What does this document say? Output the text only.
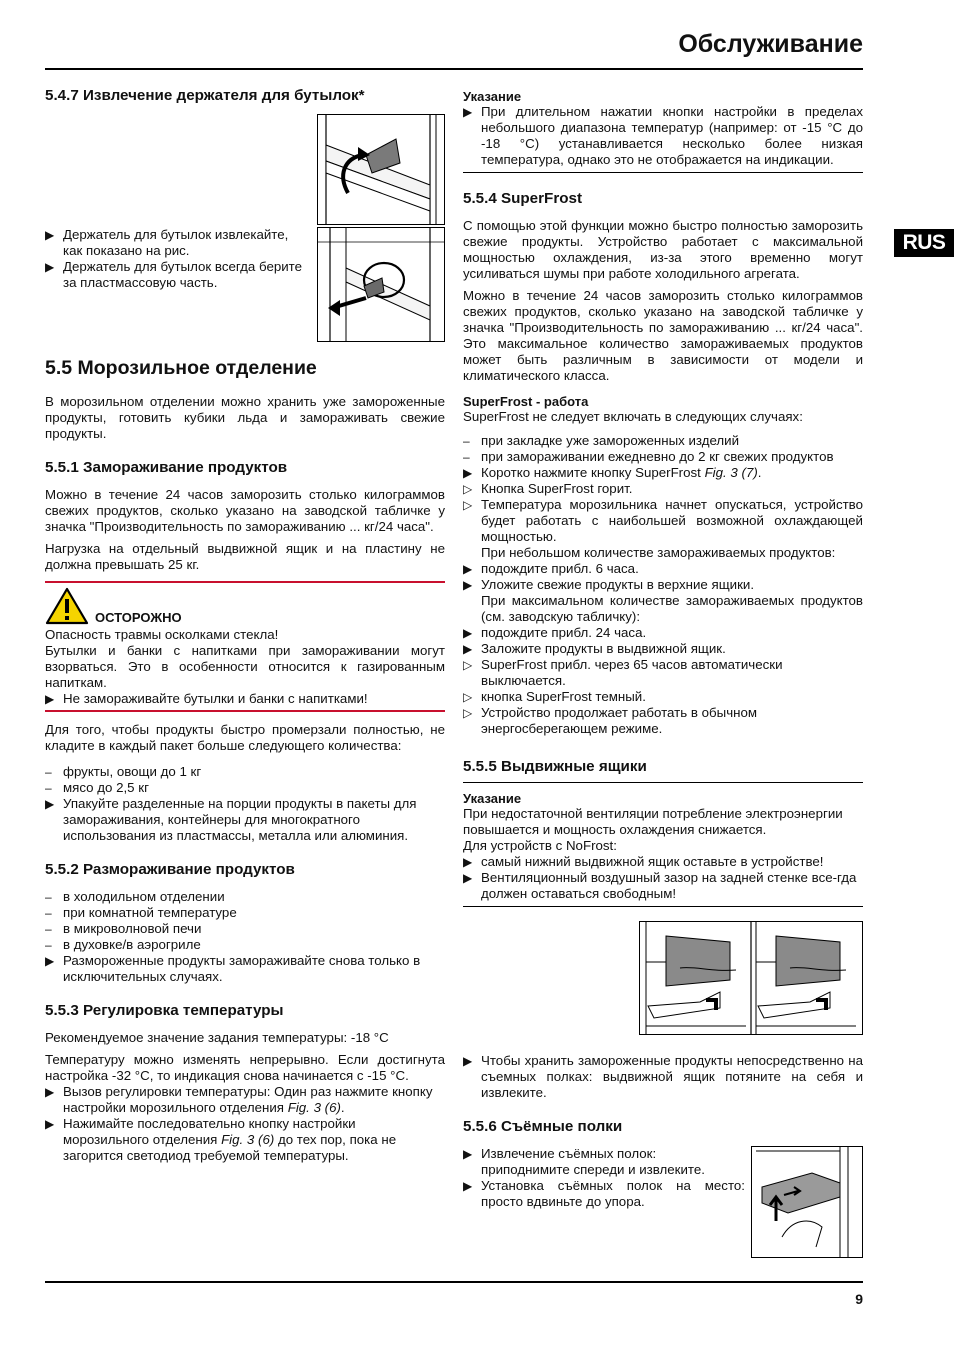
Обслуживание
RUS
5.4.7 Извлечение держателя для бутылок*
▶ Держатель для бутылок извлекайте, как показано на рис.
▶ Держатель для бутылок всегда берите за пластмассовую часть.
5.5 Морозильное отделение

В морозильном отделении можно хранить уже замороженные продукты, готовить кубики льда и замораживать свежие продукты.

5.5.1 Замораживание продуктов

Можно в течение 24 часов заморозить столько килограммов свежих продуктов, сколько указано на заводской табличке у значка "Производительность по замораживанию ... кг/24 часа".

Нагрузка на отдельный выдвижной ящик и на пластину не должна превышать 25 кг.

ОСТОРОЖНО

Опасность травмы осколками стекла!

Бутылки и банки с напитками при замораживании могут взорваться. Это в особенности относится к газированным напиткам.

▶ Не замораживайте бутылки и банки с напитками!

Для того, чтобы продукты быстро промерзали полностью, не кладите в каждый пакет больше следующего количества:

– фрукты, овощи до 1 кг
– мясо до 2,5 кг
▶ Упакуйте разделенные на порции продукты в пакеты для замораживания, контейнеры для многократного использования из пластмассы, металла или алюминия.
5.5.2 Размораживание продуктов
– в холодильном отделении
– при комнатной температуре
– в микроволновой печи
– в духовке/в аэрогриле
▶ Размороженные продукты замораживайте снова только в исключительных случаях.
5.5.3 Регулировка температуры

Рекомендуемое значение задания температуры: -18 °C

Температуру можно изменять непрерывно. Если достигнута настройка -32 °C, то индикация снова начинается с -15 °C.

▶ Вызов регулировки температуры: Один раз нажмите кнопку настройки морозильного отделения Fig. 3 (6).
▶ Нажимайте последовательно кнопку настройки морозильного отделения Fig. 3 (6) до тех пор, пока не загорится светодиод требуемой температуры.
Указание
▶ При длительном нажатии кнопки настройки в пределах небольшого диапазона температур (например: от -15 °C до -18 °C) устанавливается несколько более низкая температура, однако это не отображается на индикации.
5.5.4 SuperFrost

С помощью этой функции можно быстро полностью заморозить свежие продукты. Устройство работает с максимальной мощностью охлаждения, из-за этого временно могут усиливаться шумы при работе холодильного агрегата.

Можно в течение 24 часов заморозить столько килограммов свежих продуктов, сколько указано на заводской табличке у значка "Производительность по замораживанию ... кг/24 часа". Это максимальное количество замораживаемых продуктов может быть различным в зависимости от модели и климатического класса.

SuperFrost - работа

SuperFrost не следует включать в следующих случаях:

– при закладке уже замороженных изделий
– при замораживании ежедневно до 2 кг свежих продуктов
▶ Коротко нажмите кнопку SuperFrost Fig. 3 (7).
▷ Кнопка SuperFrost горит.
▷ Температура морозильника начнет опускаться, устройство будет работать с наибольшей возможной охлаждающей мощностью.
При небольшом количестве замораживаемых продуктов:
▶ подождите прибл. 6 часа.
▶ Уложите свежие продукты в верхние ящики.
При максимальном количестве замораживаемых продуктов (см. заводскую табличку):
▶ подождите прибл. 24 часа.
▶ Заложите продукты в выдвижной ящик.
▷ SuperFrost прибл. через 65 часов автоматически выключается.
▷ кнопка SuperFrost темный.
▷ Устройство продолжает работать в обычном энергосберегающем режиме.
5.5.5 Выдвижные ящики
Указание

При недостаточной вентиляции потребление электроэнергии повышается и мощность охлаждения снижается.

Для устройств с NoFrost:

▶ самый нижний выдвижной ящик оставьте в устройстве!
▶ Вентиляционный воздушный зазор на задней стенке все-гда должен оставаться свободным!
▶ Чтобы хранить замороженные продукты непосредственно на съемных полках: выдвижной ящик потяните на себя и извлеките.
5.5.6 Съёмные полки
▶ Извлечение съёмных полок: приподнимите спереди и извлеките.
▶ Установка съёмных полок на место: просто вдвиньте до упора.
9
